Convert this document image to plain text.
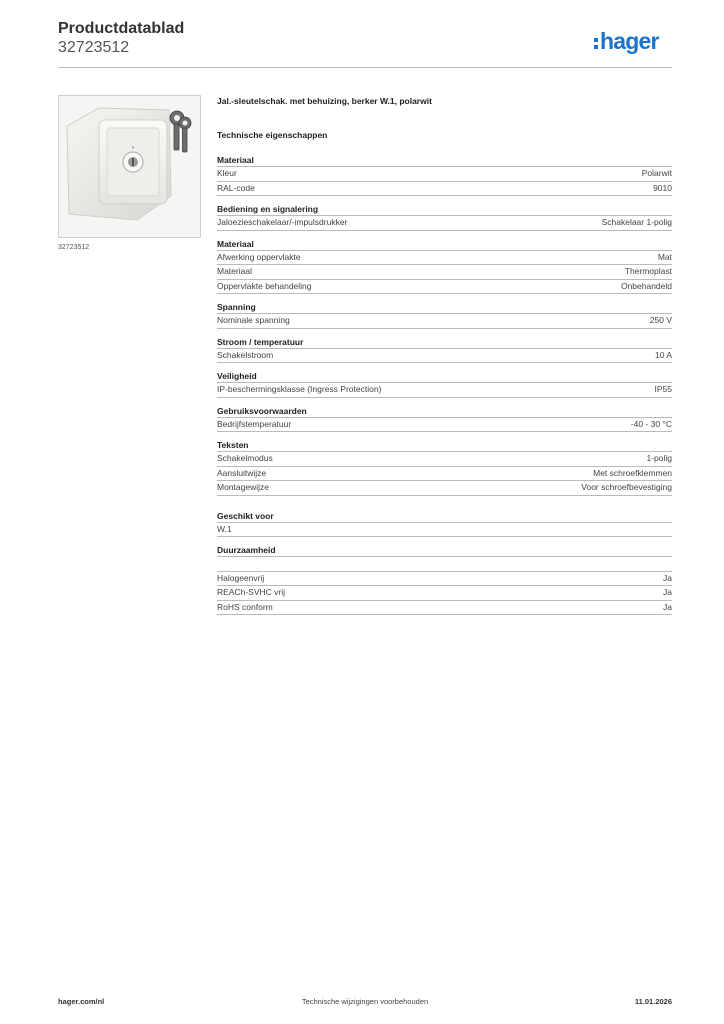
Productdatablad
32723512	hager
32723512
Jal.-sleutelschak. met behuizing, berker W.1, polarwit
Technische eigenschappen
Materiaal
Kleur	Polarwit
RAL-code	9010
Bediening en signalering
Jaloezieschakelaar/-impulsdrukker	Schakelaar 1-polig
Materiaal
Afwerking oppervlakte	Mat
Materiaal	Thermoplast
Oppervlakte behandeling	Onbehandeld
Spanning
Nominale spanning	250 V
Stroom / temperatuur
Schakelstroom	10 A
Veiligheid
IP-beschermingsklasse (Ingress Protection)	IP55
Gebruiksvoorwaarden
Bedrijfstemperatuur	-40 - 30 °C
Teksten
Schakelmodus	1-polig
Aansluitwijze	Met schroefklemmen
Montagewijze	Voor schroefbevestiging
Geschikt voor
W.1
Duurzaamheid
Halogeenvrij	Ja
REACh-SVHC vrij	Ja
RoHS conform	Ja
Technische wijzigingen voorbehouden
hager.com/nl	11.01.2026
